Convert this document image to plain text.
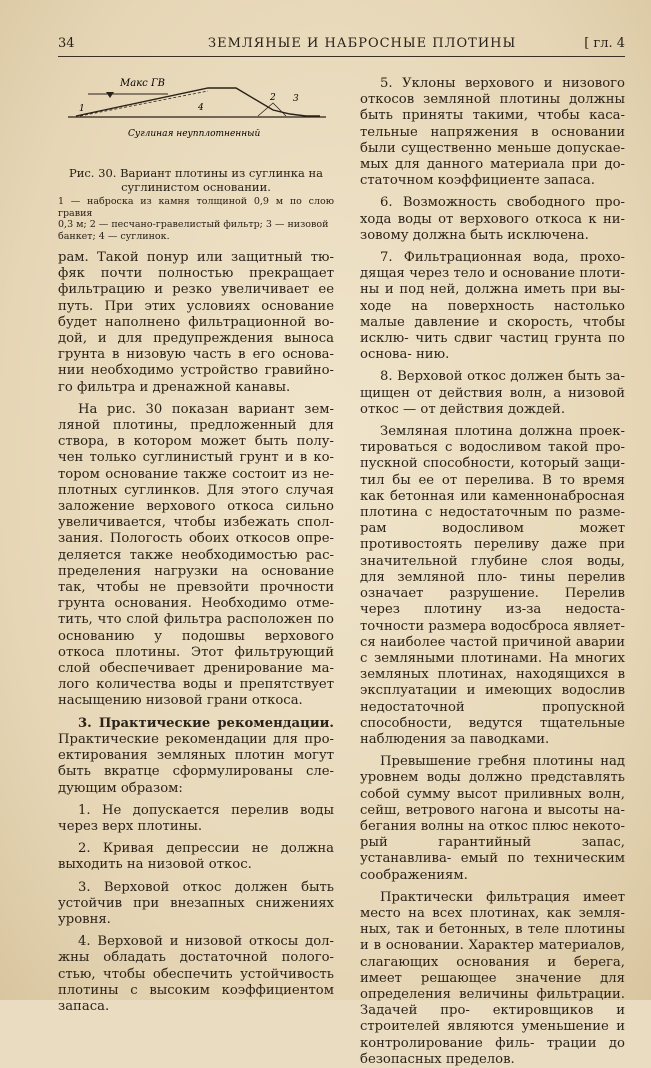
34	ЗЕМЛЯНЫЕ И НАБРОСНЫЕ ПЛОТИНЫ	[ гл. 4
Макс ГВ
1	4
2 3
Суглиная неупплотненный
Рис. 30. Вариант плотины из суглинка на
суглинистом основании.
1 — наброска из камня толщиной 0,9 м по слою гравия
0,3 м; 2 — песчано-гравелистый фильтр; 3 — низовой
банкет; 4 — суглинок.

рам. Такой понур или защитный тю- фяк почти полностью прекращает фильтрацию и резко увеличивает ее путь. При этих условиях основание будет наполнено фильтрационной во- дой, и для предупреждения выноса грунта в низовую часть в его основа- нии необходимо устройство гравийно- го фильтра и дренажной канавы.

На рис. 30 показан вариант зем- ляной плотины, предложенный для створа, в котором может быть полу- чен только суглинистый грунт и в ко- тором основание также состоит из не- плотных суглинков. Для этого случая заложение верхового откоса сильно увеличивается, чтобы избежать спол- зания. Пологость обоих откосов опре- деляется также необходимостью рас- пределения нагрузки на основание так, чтобы не превзойти прочности грунта основания. Необходимо отме- тить, что слой фильтра расположен по основанию у подошвы верхового откоса плотины. Этот фильтрующий слой обеспечивает дренирование ма- лого количества воды и препятствует насыщению низовой грани откоса.

3. Практические рекомендации. Практические рекомендации для про- ектирования земляных плотин могут быть вкратце сформулированы сле- дующим образом:

1. Не допускается перелив воды через верх плотины.

2. Кривая депрессии не должна выходить на низовой откос.

3. Верховой откос должен быть устойчив при внезапных снижениях уровня.

4. Верховой и низовой откосы дол- жны обладать достаточной полого- стью, чтобы обеспечить устойчивость плотины с высоким коэффициентом запаса.

5. Уклоны верхового и низового откосов земляной плотины должны быть приняты такими, чтобы каса- тельные напряжения в основании были существенно меньше допускае- мых для данного материала при до- статочном коэффициенте запаса.

6. Возможность свободного про- хода воды от верхового откоса к ни- зовому должна быть исключена.

7. Фильтрационная вода, прохо- дящая через тело и основание плоти- ны и под ней, должна иметь при вы- ходе на поверхность настолько малые давление и скорость, чтобы исклю- чить сдвиг частиц грунта по основа- нию.

8. Верховой откос должен быть за- щищен от действия волн, а низовой откос — от действия дождей.

Земляная плотина должна проек- тироваться с водосливом такой про- пускной способности, который защи- тил бы ее от перелива. В то время как бетонная или каменнонабросная плотина с недостаточным по разме- рам водосливом может противостоять переливу даже при значительной глубине слоя воды, для земляной пло- тины перелив означает разрушение. Перелив через плотину из-за недоста- точности размера водосброса являет- ся наиболее частой причиной аварии с земляными плотинами. На многих земляных плотинах, находящихся в эксплуатации и имеющих водослив недостаточной пропускной способности, ведутся тщательные наблюдения за паводками.

Превышение гребня плотины над уровнем воды должно представлять собой сумму высот приливных волн, сейш, ветрового нагона и высоты на- бегания волны на откос плюс некото- рый гарантийный запас, устанавлива- емый по техническим соображениям.

Практически фильтрация имеет место на всех плотинах, как земля- ных, так и бетонных, в теле плотины и в основании. Характер материалов, слагающих основания и берега, имеет решающее значение для определения величины фильтрации. Задачей про- ектировщиков и строителей являются уменьшение и контролирование филь- трации до безопасных пределов.
